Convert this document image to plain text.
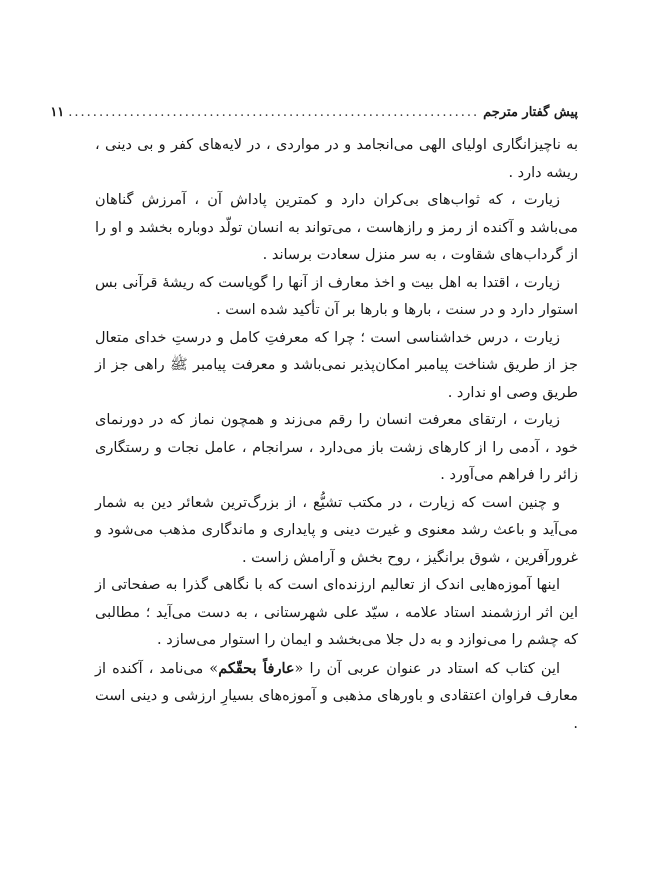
پیش گفتار مترجم
...................................................................
۱۱

به ناچیزانگاری اولیای الهی می‌انجامد و در مواردی ، در لایه‌های کفر و بی دینی ، ریشه دارد .

زیارت ، که ثواب‌های بی‌کران دارد و کمترین پاداش آن ، آمرزش گناهان می‌باشد و آکنده از رمز و رازهاست ، می‌تواند به انسان تولّد دوباره بخشد و او را از گرداب‌های شقاوت ، به سر منزل سعادت برساند .

زیارت ، اقتدا به اهل بیت و اخذ معارف از آنها را گویاست که ریشهٔ قرآنی بس استوار دارد و در سنت ، بارها و بارها بر آن تأکید شده است .

زیارت ، درس خداشناسی است ؛ چرا که معرفتِ کامل و درستِ خدای متعال جز از طریق شناخت پیامبر امکان‌پذیر نمی‌باشد و معرفت پیامبر ﷺ راهی جز از طریق وصی او ندارد .

زیارت ، ارتقای معرفت انسان را رقم می‌زند و همچون نماز که در دورنمای خود ، آدمی را از کارهای زشت باز می‌دارد ، سرانجام ، عامل نجات و رستگاری زائر را فراهم می‌آورد .

و چنین است که زیارت ، در مکتب تشیُّع ، از بزرگ‌ترین شعائر دین به شمار می‌آید و باعث رشد معنوی و غیرت دینی و پایداری و ماندگاری مذهب می‌شود و غرورآفرین ، شوق برانگیز ، روح بخش و آرامش زاست .

اینها آموزه‌هایی اندک از تعالیم ارزنده‌ای است که با نگاهی گذرا به صفحاتی از این اثر ارزشمند استاد علامه ، سیّد علی شهرستانی ، به دست می‌آید ؛ مطالبی که چشم را می‌نوازد و به دل جلا می‌بخشد و ایمان را استوار می‌سازد .

این کتاب که استاد در عنوان عربی آن را «عارفاً بحقّکم» می‌نامد ، آکنده از معارف فراوان اعتقادی و باورهای مذهبی و آموزه‌های بسیارِ ارزشی و دینی است .
